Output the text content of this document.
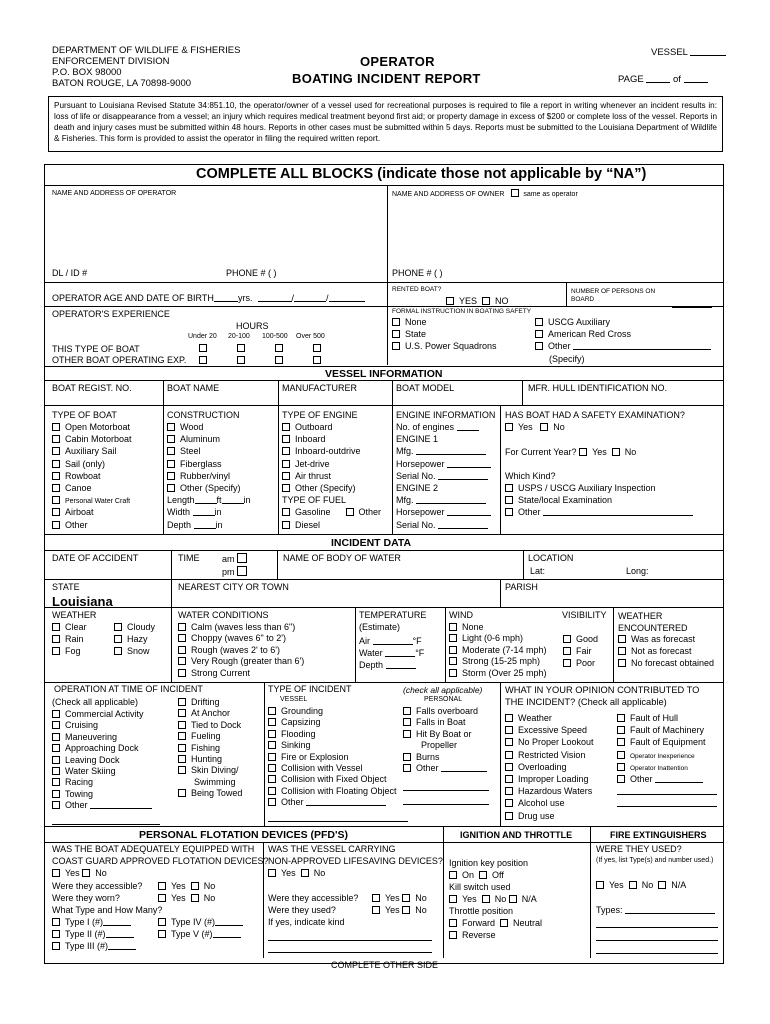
DEPARTMENT OF WILDLIFE & FISHERIES
ENFORCEMENT DIVISION
P.O. BOX 98000
BATON ROUGE, LA 70898-9000
OPERATOR
BOATING INCIDENT REPORT
VESSEL
PAGE	of
Pursuant to Louisiana Revised Statute 34:851.10, the operator/owner of a vessel used for recreational purposes is required to file a report in writing whenever an incident results in: loss of life or disappearance from a vessel; an injury which requires medical treatment beyond first aid; or property damage in excess of $200 or complete loss of the vessel. Reports in death and injury cases must be submitted within 48 hours. Reports in other cases must be submitted within 5 days. Reports must be submitted to the Louisiana Department of Wildlife & Fisheries. This form is provided to assist the operator in filing the required written report.
COMPLETE ALL BLOCKS (indicate those not applicable by “NA”)
NAME AND ADDRESS OF OPERATOR	NAME AND ADDRESS OF OWNER	same as operator
DL / ID #	PHONE # ( )	PHONE # ( )
OPERATOR AGE AND DATE OF BIRTH	yrs.	/	/
RENTED BOAT?
YES NO
NUMBER OF PERSONS ON BOARD
OPERATOR'S EXPERIENCE
HOURS
Under 20 20-100 100-500 Over 500
THIS TYPE OF BOAT
OTHER BOAT OPERATING EXP.
FORMAL INSTRUCTION IN BOATING SAFETY
None
State
U.S. Power Squadrons
USCG Auxiliary
American Red Cross
Other
(Specify)
VESSEL INFORMATION
BOAT REGIST. NO.	BOAT NAME	MANUFACTURER	BOAT MODEL	MFR. HULL IDENTIFICATION NO.
TYPE OF BOAT
Open Motorboat
Cabin Motorboat
Auxiliary Sail
Sail (only)
Rowboat
Canoe
Personal Water Craft
Airboat
Other
CONSTRUCTION
Wood
Aluminum
Steel
Fiberglass
Rubber/vinyl
Other (Specify)
Length ft in
Width	in
Depth	in
TYPE OF ENGINE
Outboard
Inboard
Inboard-outdrive
Jet-drive
Air thrust
Other (Specify)
TYPE OF FUEL
Gasoline	Other
Diesel
ENGINE INFORMATION
No. of engines
ENGINE 1
Mfg.
Horsepower
Serial No.
ENGINE 2
Mfg.
Horsepower
Serial No.
HAS BOAT HAD A SAFETY EXAMINATION?
Yes No
For Current Year? Yes No
Which Kind?
USPS / USCG Auxiliary Inspection
State/local Examination
Other
INCIDENT DATA
DATE OF ACCIDENT	TIME	am
pm
NAME OF BODY OF WATER	LOCATION
Lat:	Long:
STATE
Louisiana
NEAREST CITY OR TOWN	PARISH
WEATHER
Clear
Rain
Fog
Cloudy
Hazy
Snow
WATER CONDITIONS
Calm (waves less than 6")
Choppy (waves 6" to 2')
Rough (waves 2' to 6')
Very Rough (greater than 6')
Strong Current
TEMPERATURE
(Estimate)
Air	°F
Water	°F
Depth
WIND
None
Light (0-6 mph)
Moderate (7-14 mph)
Strong (15-25 mph)
Storm (Over 25 mph)
VISIBILITY
Good
Fair
Poor
WEATHER ENCOUNTERED
Was as forecast
Not as forecast
No forecast obtained
OPERATION AT TIME OF INCIDENT
(Check all applicable)
Commercial Activity
Cruising
Maneuvering
Approaching Dock
Leaving Dock
Water Skiing
Racing
Towing
Other
Drifting
At Anchor
Tied to Dock
Fueling
Fishing
Hunting
Skin Diving/
Swimming
Being Towed
TYPE OF INCIDENT	(check all applicable)
VESSEL	PERSONAL
Grounding
Capsizing
Flooding
Sinking
Fire or Explosion
Collision with Vessel
Collision with Fixed Object
Collision with Floating Object
Other
Falls overboard
Falls in Boat
Hit By Boat or
Propeller
Burns
Other
WHAT IN YOUR OPINION CONTRIBUTED TO THE INCIDENT? (Check all applicable)
Weather
Excessive Speed
No Proper Lookout
Restricted Vision
Overloading
Improper Loading
Hazardous Waters
Alcohol use
Drug use
Fault of Hull
Fault of Machinery
Fault of Equipment
Operator Inexperience
Operator Inattention
Other
PERSONAL FLOTATION DEVICES (PFD'S)	IGNITION AND THROTTLE	FIRE EXTINGUISHERS
WAS THE BOAT ADEQUATELY EQUIPPED WITH
COAST GUARD APPROVED FLOTATION DEVICES?
Yes No
Were they accessible?	Yes No
Were they worn?	Yes No
What Type and How Many?
Type I (#)
Type II (#)
Type III (#)
Type IV (#)
Type V (#)
WAS THE VESSEL CARRYING
NON-APPROVED LIFESAVING DEVICES?
Yes No
Were they accessible?	Yes No
Were they used?	Yes No
If yes, indicate kind
Ignition key position
On Off
Kill switch used
Yes No N/A
Throttle position
Forward Neutral
Reverse
WERE THEY USED?
(If yes, list Type(s) and number used.)
Yes No N/A
Types:
COMPLETE OTHER SIDE
